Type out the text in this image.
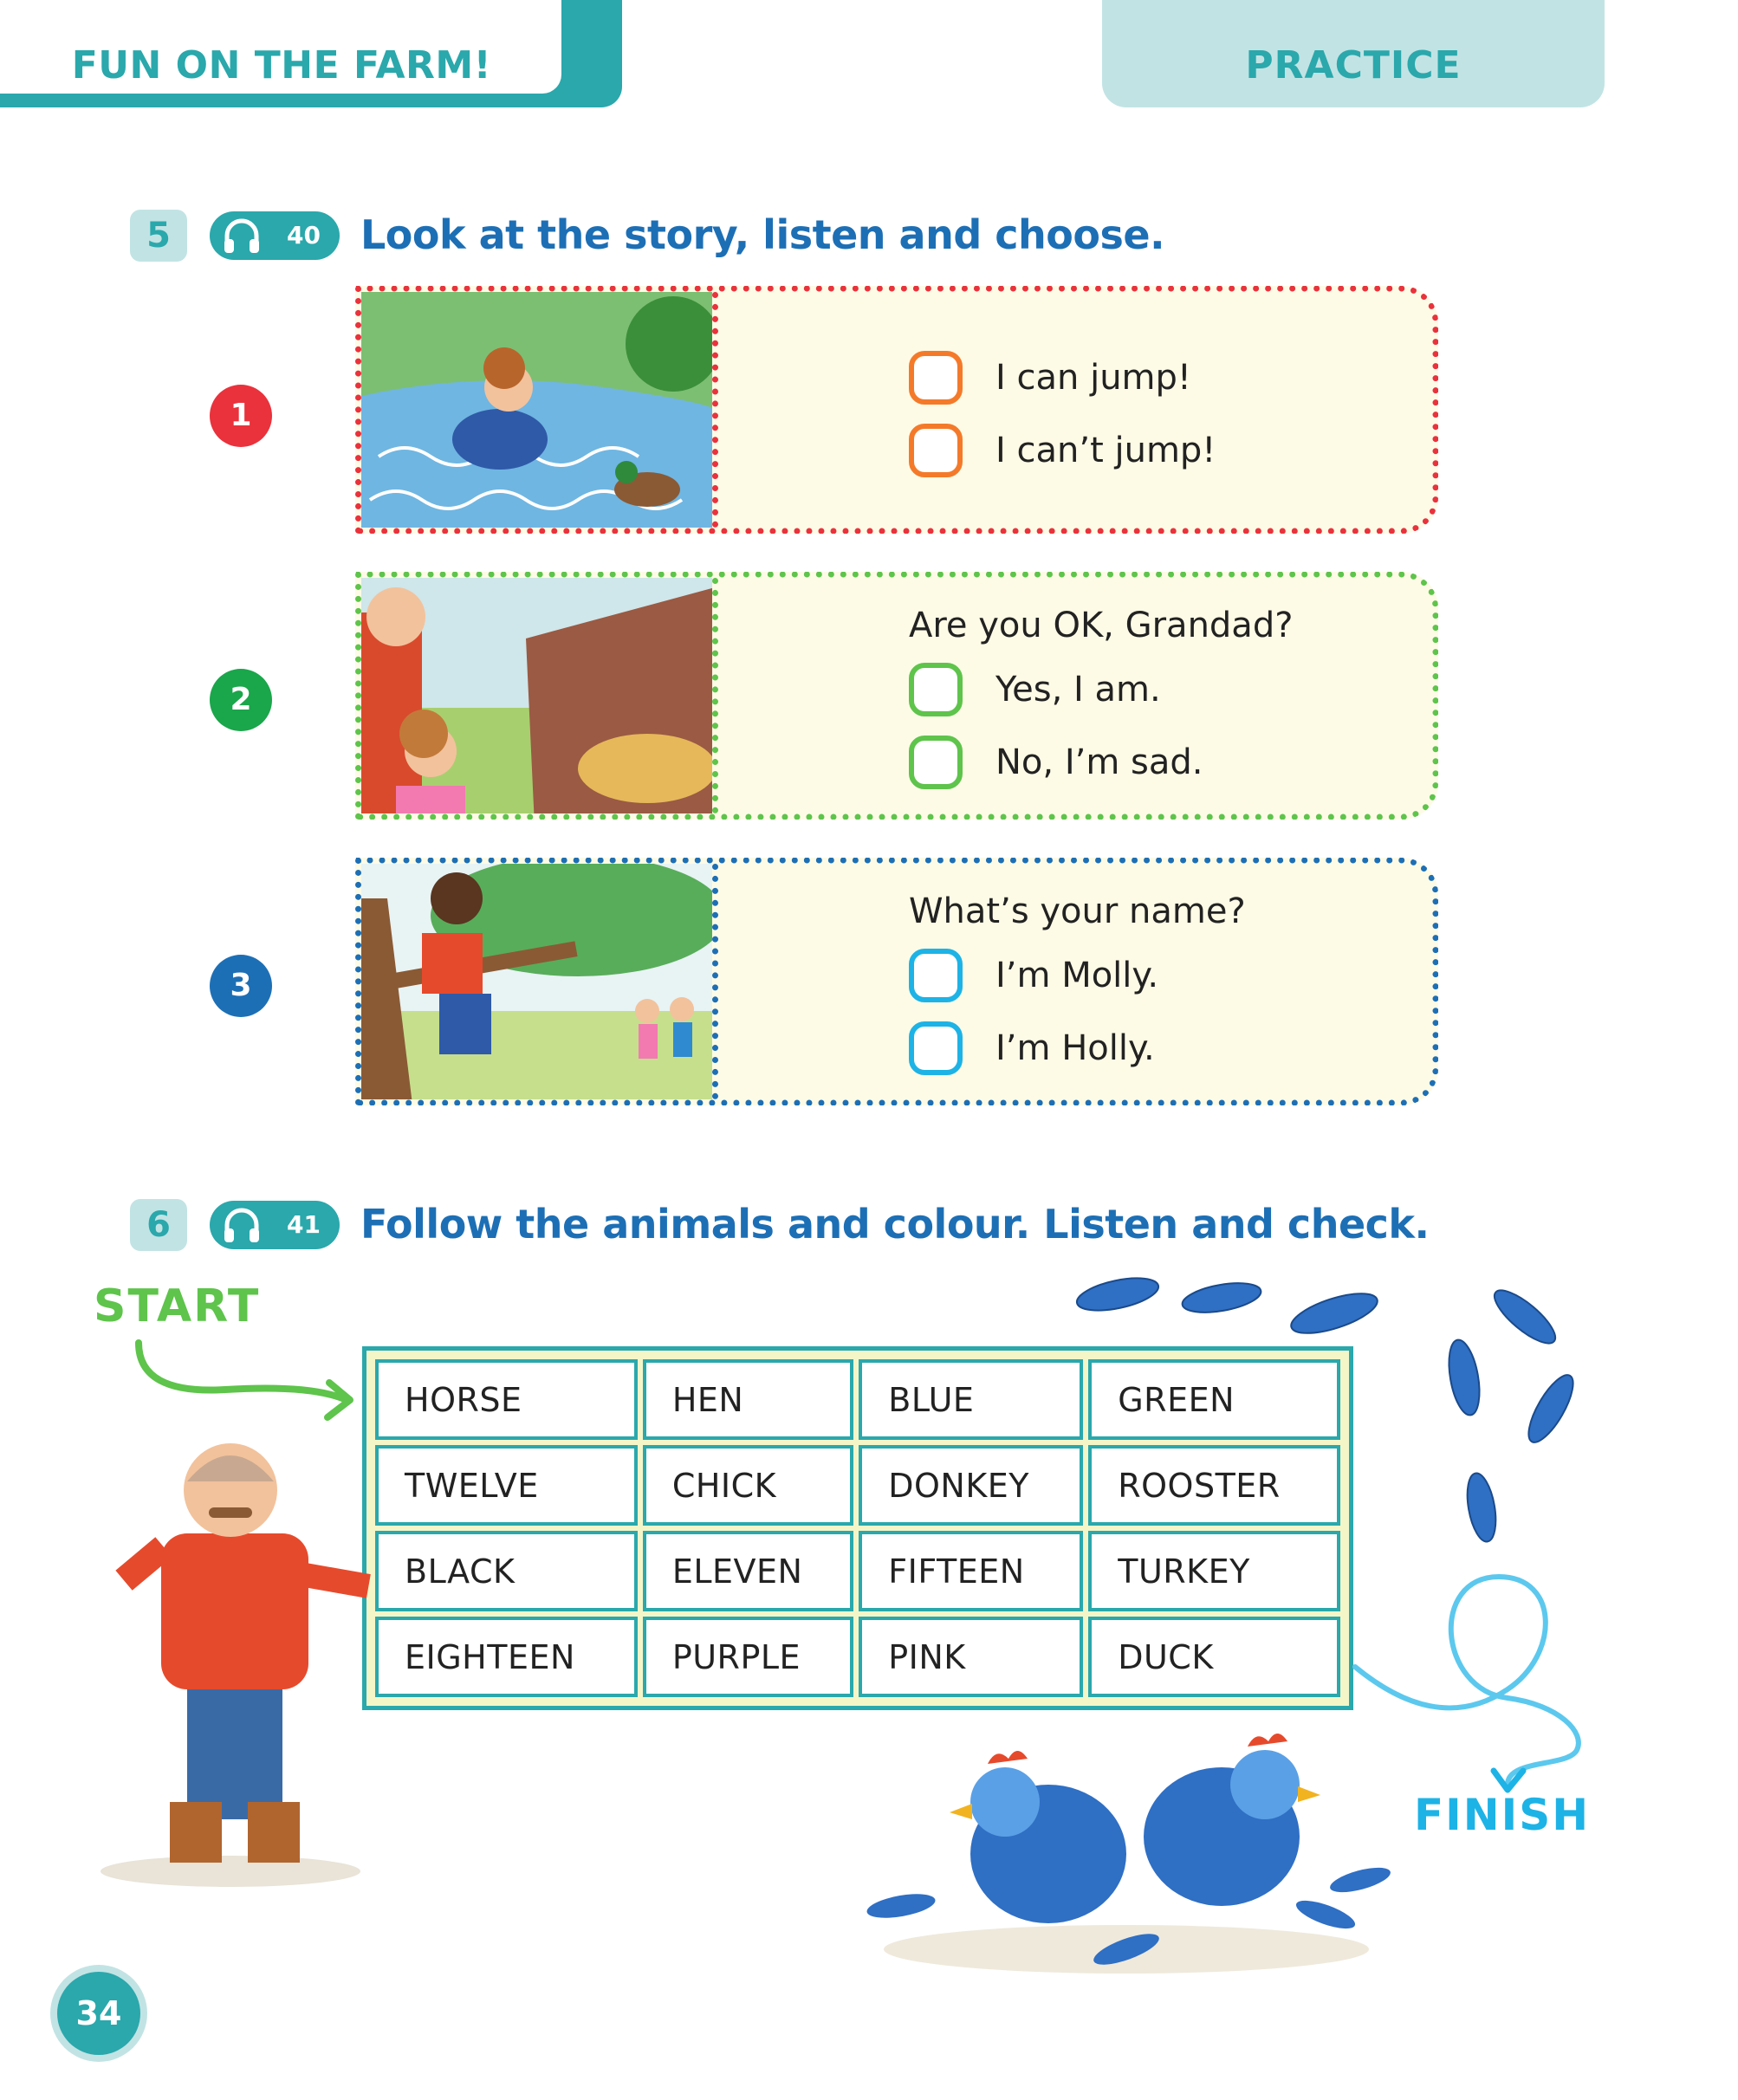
FUN ON THE FARM!	PRACTICE
5	40 Look at the story, listen and choose.
1
I can jump!
I can’t jump!
2
Are you OK, Grandad?
Yes, I am.
No, I’m sad.
3
What’s your name?
I’m Molly.
I’m Holly.
6	41 Follow the animals and colour. Listen and check.
START
HORSE	HEN	BLUE	GREEN
TWELVE	CHICK	DONKEY	ROOSTER
BLACK	ELEVEN	FIFTEEN	TURKEY
EIGHTEEN	PURPLE	PINK	DUCK
FINISH
34
